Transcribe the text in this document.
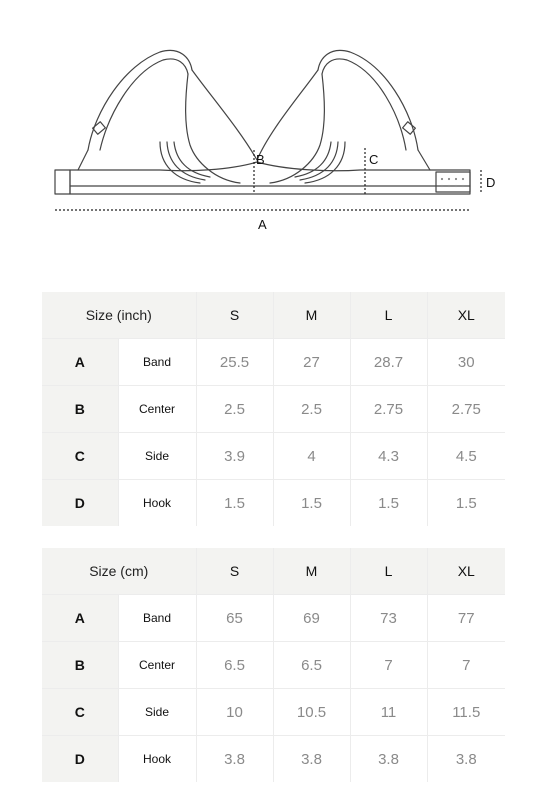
A
B	C
D
Size (inch)		S	M	L	XL
A	Band	25.5	27	28.7	30
B	Center	2.5	2.5	2.75	2.75
C	Side	3.9	4	4.3	4.5
D	Hook	1.5	1.5	1.5	1.5
Size (cm)		S	M	L	XL
A	Band	65	69	73	77
B	Center	6.5	6.5	7	7
C	Side	10	10.5	11	11.5
D	Hook	3.8	3.8	3.8	3.8
